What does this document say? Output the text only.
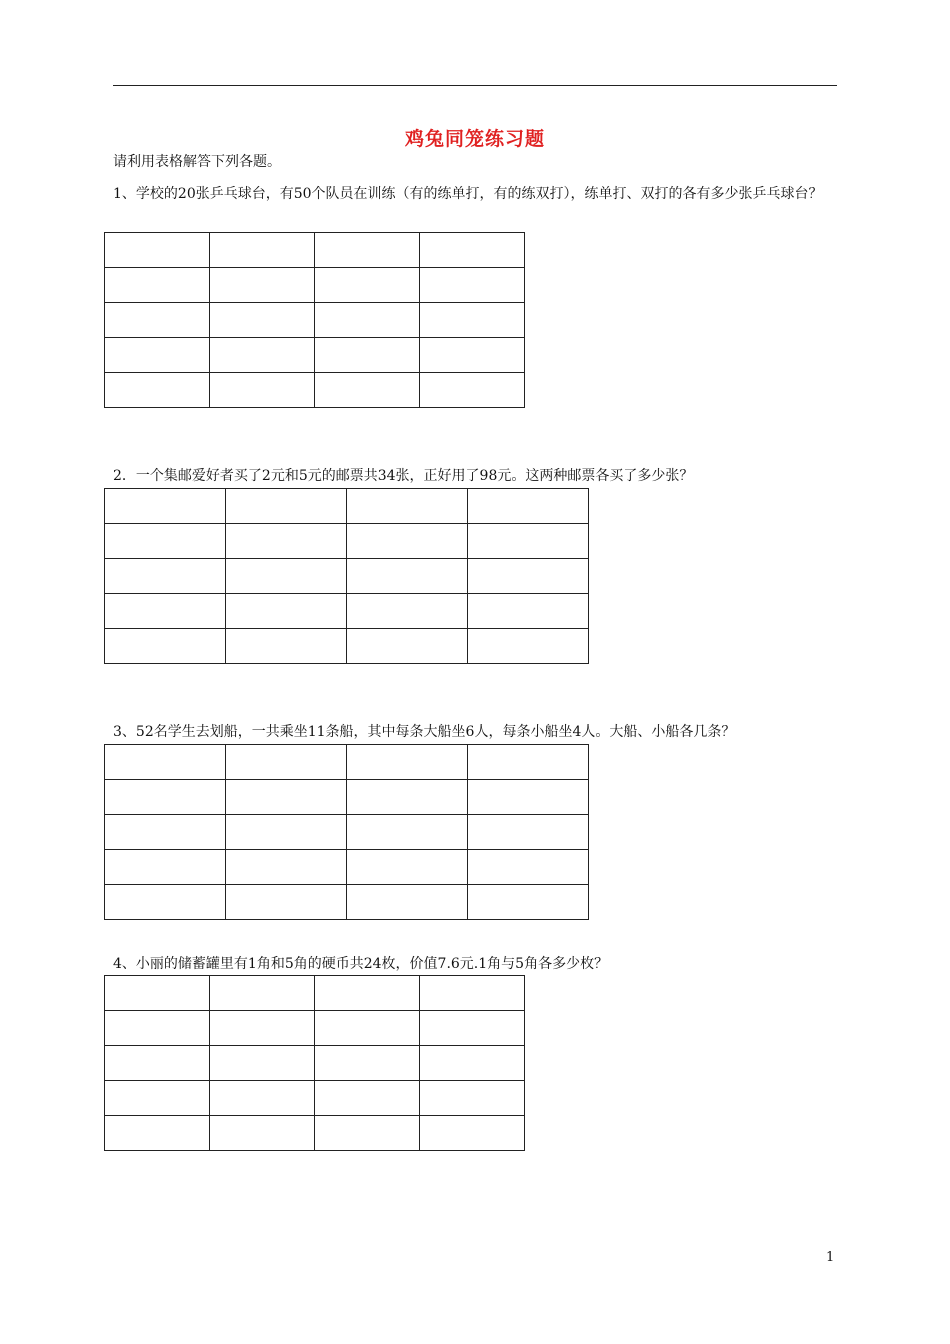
鸡兔同笼练习题
请利用表格解答下列各题。
1、学校的20张乒乓球台，有50个队员在训练（有的练单打，有的练双打），练单打、双打的各有多少张乒乓球台？

2．一个集邮爱好者买了2元和5元的邮票共34张，正好用了98元。这两种邮票各买了多少张？

3、52名学生去划船，一共乘坐11条船，其中每条大船坐6人，每条小船坐4人。大船、小船各几条？

4、小丽的储蓄罐里有1角和5角的硬币共24枚，价值7.6元.1角与5角各多少枚？

1
